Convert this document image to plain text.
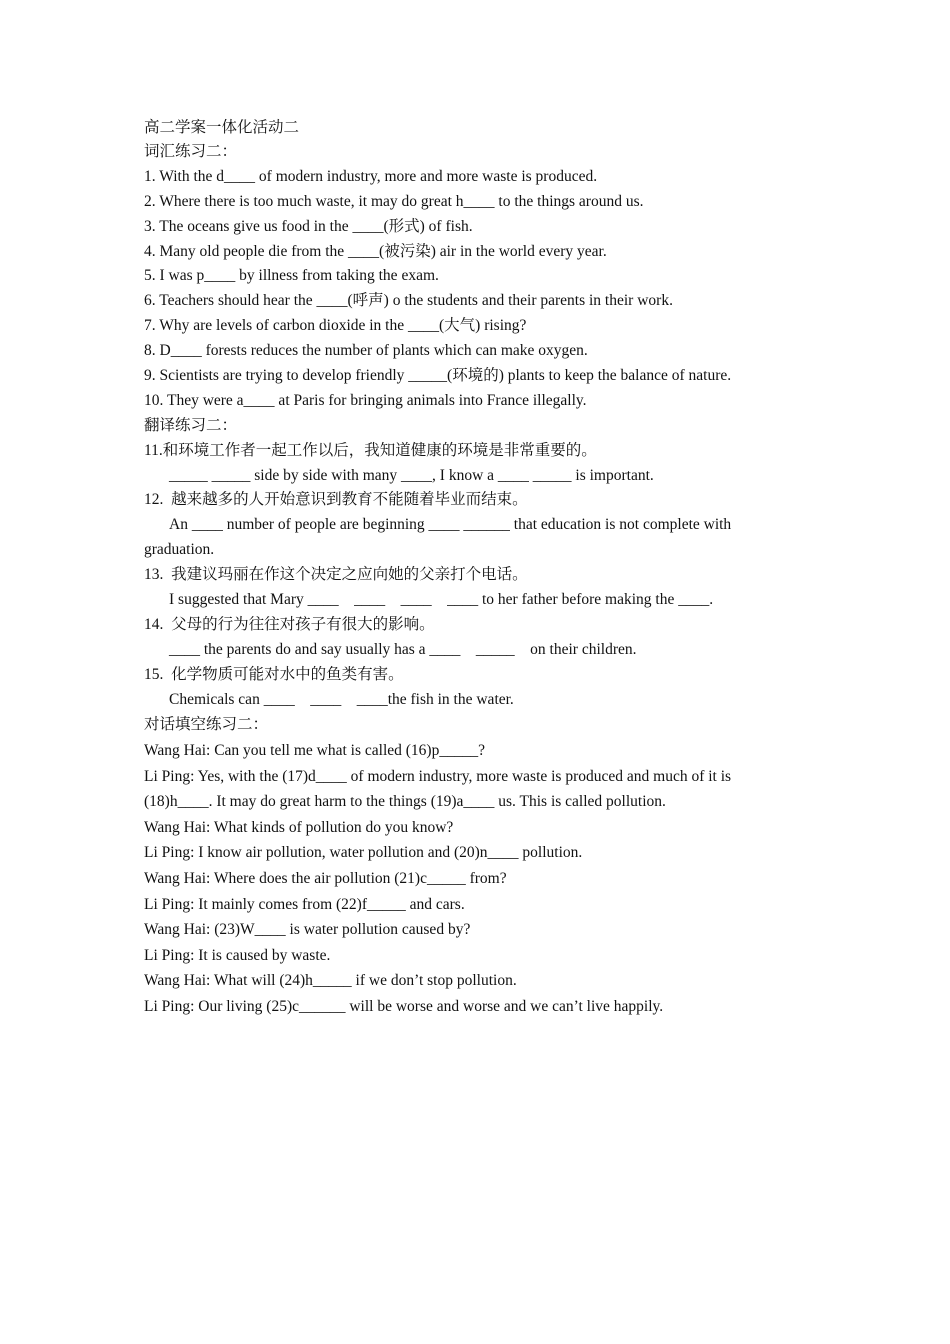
高二学案一体化活动二

词汇练习二：

1. With the d____ of modern industry, more and more waste is produced.

2. Where there is too much waste, it may do great h____ to the things around us.

3. The oceans give us food in the ____(形式) of fish.

4. Many old people die from the ____(被污染) air in the world every year.

5. I was p____ by illness from taking the exam.

6. Teachers should hear the ____(呼声) o the students and their parents in their work.

7. Why are levels of carbon dioxide in the ____(大气) rising?

8. D____ forests reduces the number of plants which can make oxygen.

9. Scientists are trying to develop friendly _____(环境的) plants to keep the balance of nature.

10. They were a____ at Paris for bringing animals into France illegally.

翻译练习二：

11.和环境工作者一起工作以后，我知道健康的环境是非常重要的。

_____ _____ side by side with many ____, I know a ____ _____ is important.

12.  越来越多的人开始意识到教育不能随着毕业而结束。

An ____ number of people are beginning ____ ______ that education is not complete with

graduation.

13.  我建议玛丽在作这个决定之应向她的父亲打个电话。

I suggested that Mary ____    ____    ____    ____ to her father before making the ____.

14.  父母的行为往往对孩子有很大的影响。

____ the parents do and say usually has a ____    _____    on their children.

15.  化学物质可能对水中的鱼类有害。

Chemicals can ____    ____    ____the fish in the water.

对话填空练习二：

Wang Hai: Can you tell me what is called (16)p_____?

Li Ping: Yes, with the (17)d____ of modern industry, more waste is produced and much of it is

(18)h____. It may do great harm to the things (19)a____ us. This is called pollution.

Wang Hai: What kinds of pollution do you know?

Li Ping: I know air pollution, water pollution and (20)n____ pollution.

Wang Hai: Where does the air pollution (21)c_____ from?

Li Ping: It mainly comes from (22)f_____ and cars.

Wang Hai: (23)W____ is water pollution caused by?

Li Ping: It is caused by waste.

Wang Hai: What will (24)h_____ if we don’t stop pollution.

Li Ping: Our living (25)c______ will be worse and worse and we can’t live happily.
